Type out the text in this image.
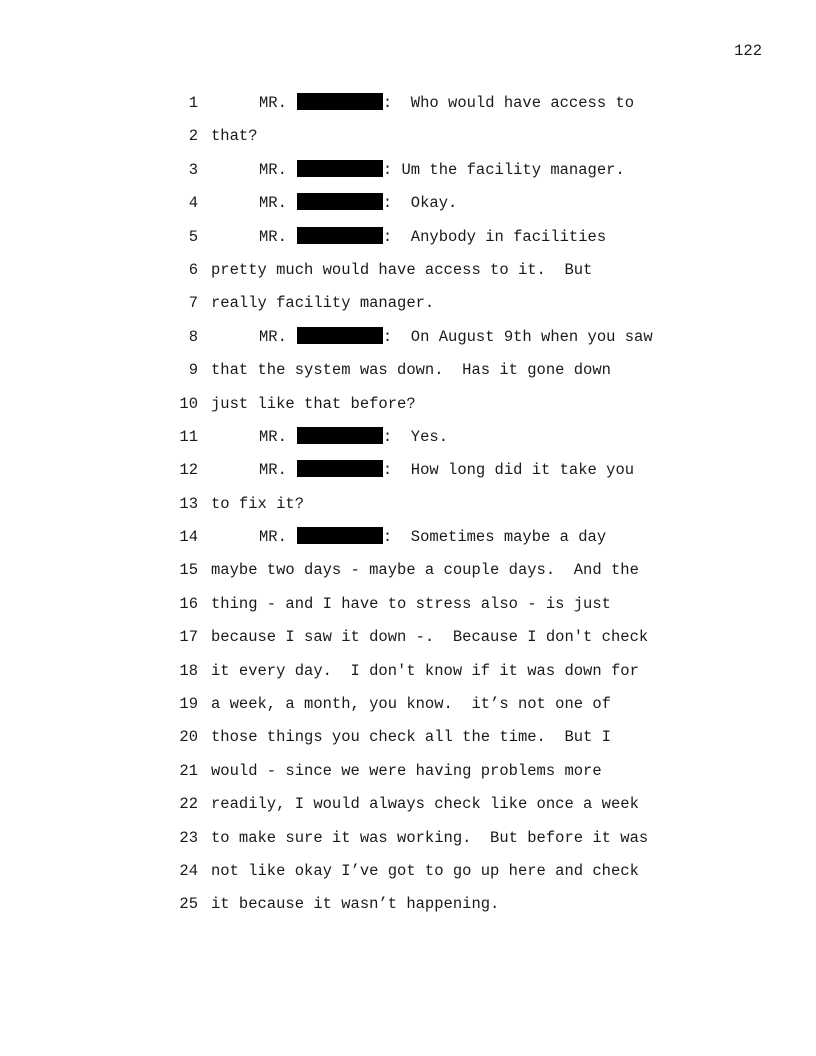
122
1	MR.	:  Who would have access to
2 that?
3	MR.	: Um the facility manager.
4	MR.	:  Okay.
5	MR.	:  Anybody in facilities
6 pretty much would have access to it.  But
7 really facility manager.
8	MR.	:  On August 9th when you saw
9 that the system was down.  Has it gone down
10 just like that before?
11	MR.	:  Yes.
12	MR.	:  How long did it take you
13 to fix it?
14	MR.	:  Sometimes maybe a day
15 maybe two days - maybe a couple days.  And the
16 thing - and I have to stress also - is just
17 because I saw it down -.  Because I don't check
18 it every day.  I don't know if it was down for
19 a week, a month, you know.  it’s not one of
20 those things you check all the time.  But I
21 would - since we were having problems more
22 readily, I would always check like once a week
23 to make sure it was working.  But before it was
24 not like okay I’ve got to go up here and check
25 it because it wasn’t happening.
